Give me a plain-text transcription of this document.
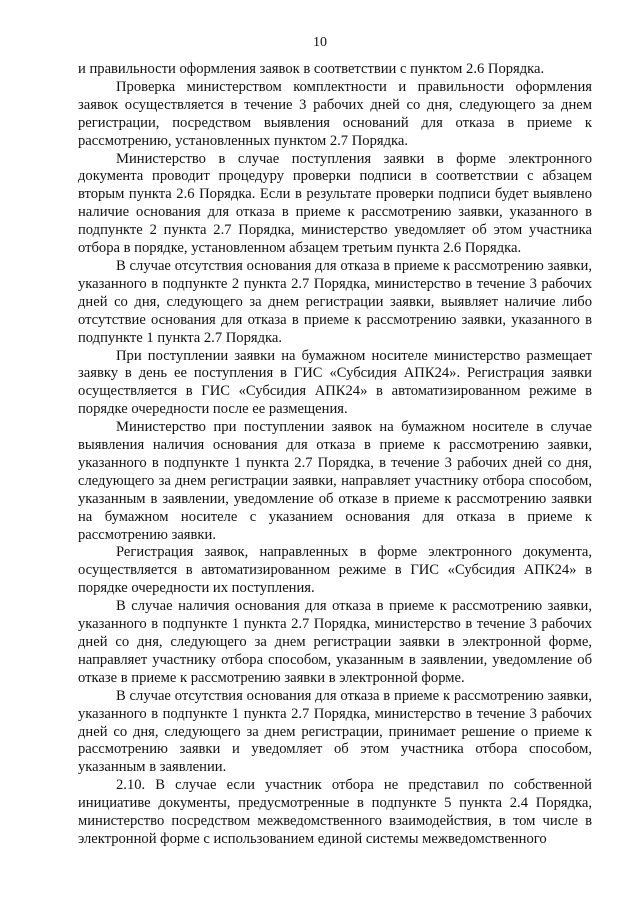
10

и правильности оформления заявок в соответствии с пунктом 2.6 Порядка.

Проверка министерством комплектности и правильности оформления заявок осуществляется в течение 3 рабочих дней со дня, следующего за днем регистрации, посредством выявления оснований для отказа в приеме к рассмотрению, установленных пунктом 2.7 Порядка.

Министерство в случае поступления заявки в форме электронного документа проводит процедуру проверки подписи в соответствии с абзацем вторым пункта 2.6 Порядка. Если в результате проверки подписи будет выявлено наличие основания для отказа в приеме к рассмотрению заявки, указанного в подпункте 2 пункта 2.7 Порядка, министерство уведомляет об этом участника отбора в порядке, установленном абзацем третьим пункта 2.6 Порядка.

В случае отсутствия основания для отказа в приеме к рассмотрению заявки, указанного в подпункте 2 пункта 2.7 Порядка, министерство в течение 3 рабочих дней со дня, следующего за днем регистрации заявки, выявляет наличие либо отсутствие основания для отказа в приеме к рассмотрению заявки, указанного в подпункте 1 пункта 2.7 Порядка.

При поступлении заявки на бумажном носителе министерство размещает заявку в день ее поступления в ГИС «Субсидия АПК24». Регистрация заявки осуществляется в ГИС «Субсидия АПК24» в автоматизированном режиме в порядке очередности после ее размещения.

Министерство при поступлении заявок на бумажном носителе в случае выявления наличия основания для отказа в приеме к рассмотрению заявки, указанного в подпункте 1 пункта 2.7 Порядка, в течение 3 рабочих дней со дня, следующего за днем регистрации заявки, направляет участнику отбора способом, указанным в заявлении, уведомление об отказе в приеме к рассмотрению заявки на бумажном носителе с указанием основания для отказа в приеме к рассмотрению заявки.

Регистрация заявок, направленных в форме электронного документа, осуществляется в автоматизированном режиме в ГИС «Субсидия АПК24» в порядке очередности их поступления.

В случае наличия основания для отказа в приеме к рассмотрению заявки, указанного в подпункте 1 пункта 2.7 Порядка, министерство в течение 3 рабочих дней со дня, следующего за днем регистрации заявки в электронной форме, направляет участнику отбора способом, указанным в заявлении, уведомление об отказе в приеме к рассмотрению заявки в электронной форме.

В случае отсутствия основания для отказа в приеме к рассмотрению заявки, указанного в подпункте 1 пункта 2.7 Порядка, министерство в течение 3 рабочих дней со дня, следующего за днем регистрации, принимает решение о приеме к рассмотрению заявки и уведомляет об этом участника отбора способом, указанным в заявлении.

2.10. В случае если участник отбора не представил по собственной инициативе документы, предусмотренные в подпункте 5 пункта 2.4 Порядка, министерство посредством межведомственного взаимодействия, в том числе в электронной форме с использованием единой системы межведомственного
